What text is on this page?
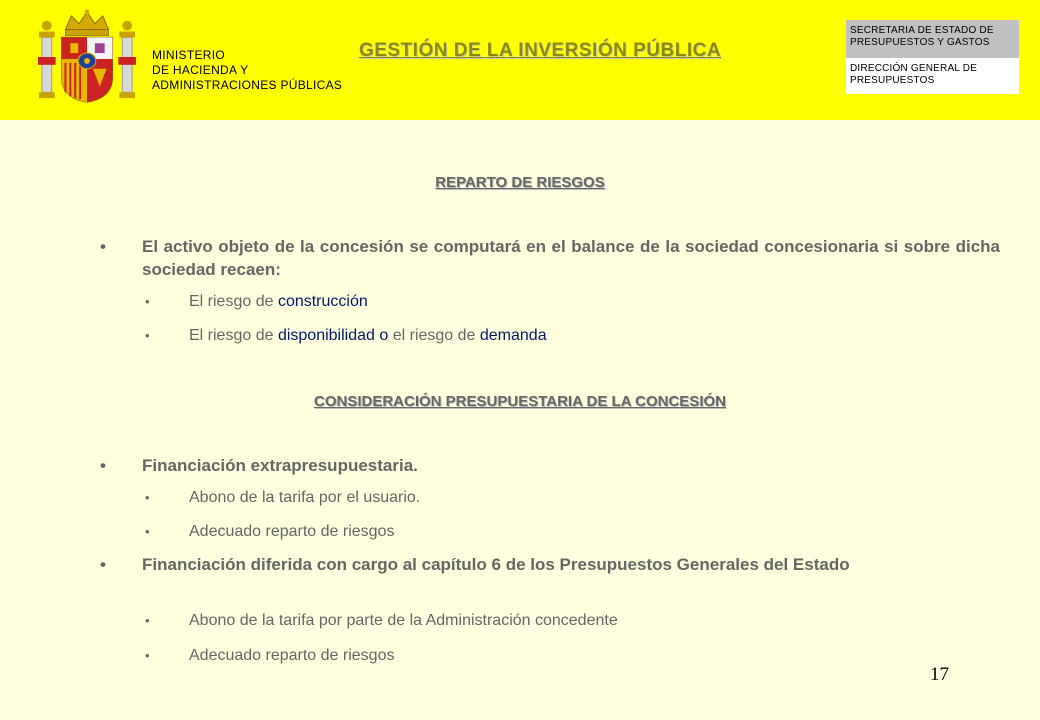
MINISTERIO
DE HACIENDA Y
ADMINISTRACIONES PÚBLICAS
GESTIÓN DE LA INVERSIÓN PÚBLICA
SECRETARIA DE ESTADO DE
PRESUPUESTOS Y GASTOS
DIRECCIÓN GENERAL DE
PRESUPUESTOS
REPARTO DE RIESGOS
• El activo objeto de la concesión se computará en el balance de la sociedad concesionaria si sobre dicha sociedad recaen:
• El riesgo de construcción
• El riesgo de disponibilidad o el riesgo de demanda
CONSIDERACIÓN PRESUPUESTARIA DE LA CONCESIÓN
• Financiación extrapresupuestaria.
• Abono de la tarifa por el usuario.
• Adecuado reparto de riesgos
• Financiación diferida con cargo al capítulo 6 de los Presupuestos Generales del Estado
• Abono de la tarifa por parte de la Administración concedente
• Adecuado reparto de riesgos
17
